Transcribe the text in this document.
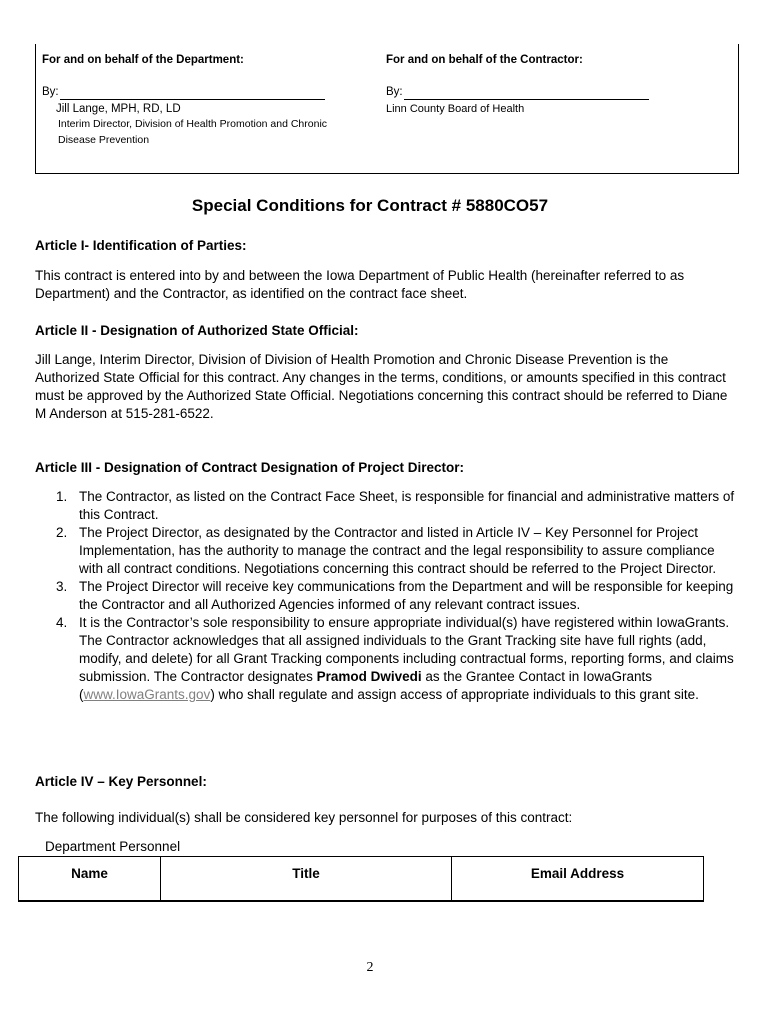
For and on behalf of the Department:
By:
Jill Lange, MPH, RD, LD
Interim Director, Division of Health Promotion and Chronic
Disease Prevention
For and on behalf of the Contractor:
By:
Linn County Board of Health
Special Conditions for Contract # 5880CO57
Article I- Identification of Parties:
This contract is entered into by and between the Iowa Department of Public Health (hereinafter referred to as Department) and the Contractor, as identified on the contract face sheet.
Article II - Designation of Authorized State Official:
Jill Lange, Interim Director, Division of Division of Health Promotion and Chronic Disease Prevention is the Authorized State Official for this contract. Any changes in the terms, conditions, or amounts specified in this contract must be approved by the Authorized State Official. Negotiations concerning this contract should be referred to Diane M Anderson at 515-281-6522.
Article III - Designation of Contract Designation of Project Director:
1. The Contractor, as listed on the Contract Face Sheet, is responsible for financial and administrative matters of this Contract.
2. The Project Director, as designated by the Contractor and listed in Article IV – Key Personnel for Project Implementation, has the authority to manage the contract and the legal responsibility to assure compliance with all contract conditions. Negotiations concerning this contract should be referred to the Project Director.
3. The Project Director will receive key communications from the Department and will be responsible for keeping the Contractor and all Authorized Agencies informed of any relevant contract issues.
4. It is the Contractor’s sole responsibility to ensure appropriate individual(s) have registered within IowaGrants. The Contractor acknowledges that all assigned individuals to the Grant Tracking site have full rights (add, modify, and delete) for all Grant Tracking components including contractual forms, reporting forms, and claims submission. The Contractor designates Pramod Dwivedi as the Grantee Contact in IowaGrants (www.IowaGrants.gov) who shall regulate and assign access of appropriate individuals to this grant site.
Article IV – Key Personnel:
The following individual(s) shall be considered key personnel for purposes of this contract:
Department Personnel
Name	Title	Email Address
2
